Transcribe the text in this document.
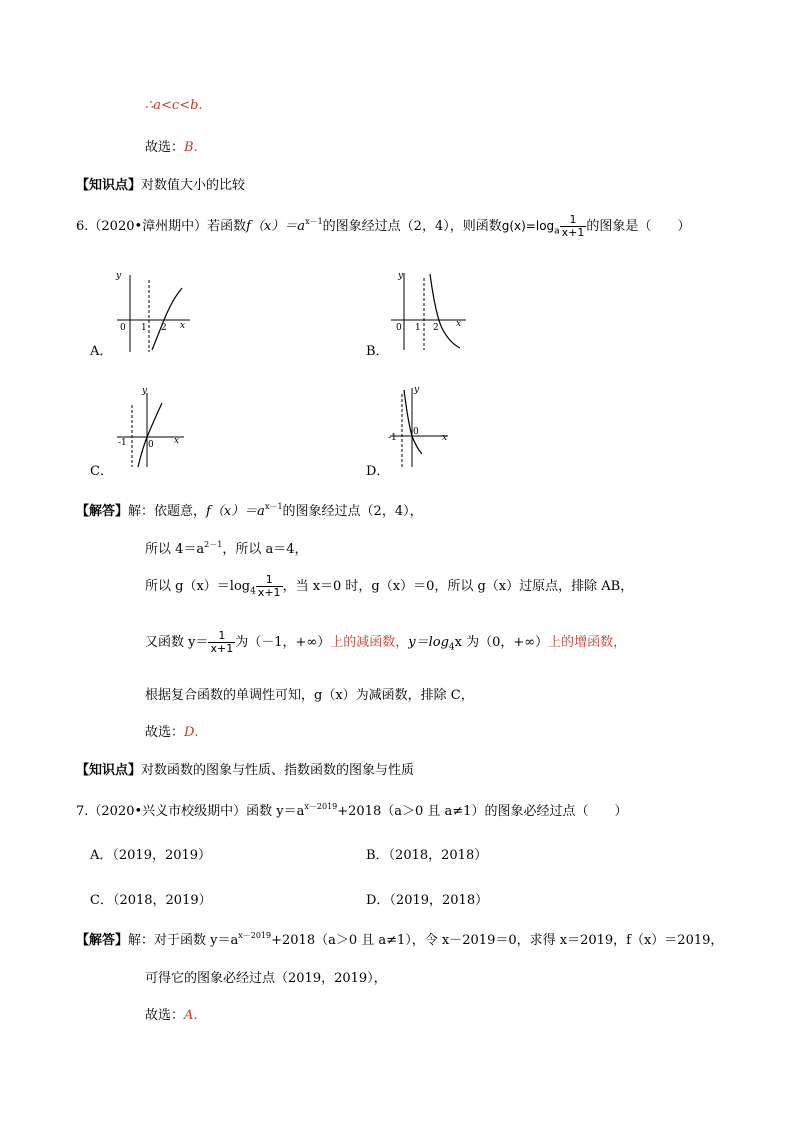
∴a<c<b.
故选：B.
【知识点】对数值大小的比较
6.（2020•漳州期中）若函数$f(x)=a^{x-1}$的图象经过点（2，4），则函数$g(x)=\log_a \frac{1}{x+1}$ 的图象是（　　）
y
x
0 1 2
A．
y
x
0 1 2
B．
y
x
0
-1
C．
y
x
0
-1
D．
【解答】解：依题意，$f(x)=a^{x-1}$的图象经过点（2，4），
所以 $4=a^{2-1}$，所以 a＝4，
所以 $g(x)=\log_4 \frac{1}{x+1}$ ，当 x＝0 时，g（x）＝0，所以 g（x）过原点，排除 AB，
又函数 $y= \frac{1}{x+1}$ 为（－1，+∞）上的减函数，$y=\log_4x$ 为（0，+∞）上的增函数，
根据复合函数的单调性可知，g（x）为减函数，排除 C，
故选：D.
【知识点】对数函数的图象与性质、指数函数的图象与性质
7.（2020•兴义市校级期中）函数 $y=a^{x-2019}+2018(a>0$ 且 a≠1）的图象必经过点（　　）
A．（2019，2019）	B．（2018，2018）
C．（2018，2019）	D．（2019，2018）
【解答】解：对于函数 $y=a^{x-2019}+2018(a>0$ 且 a≠1），令 x－2019＝0，求得 x＝2019，f（x）＝2019，
可得它的图象必经过点（2019，2019），
故选：A.
